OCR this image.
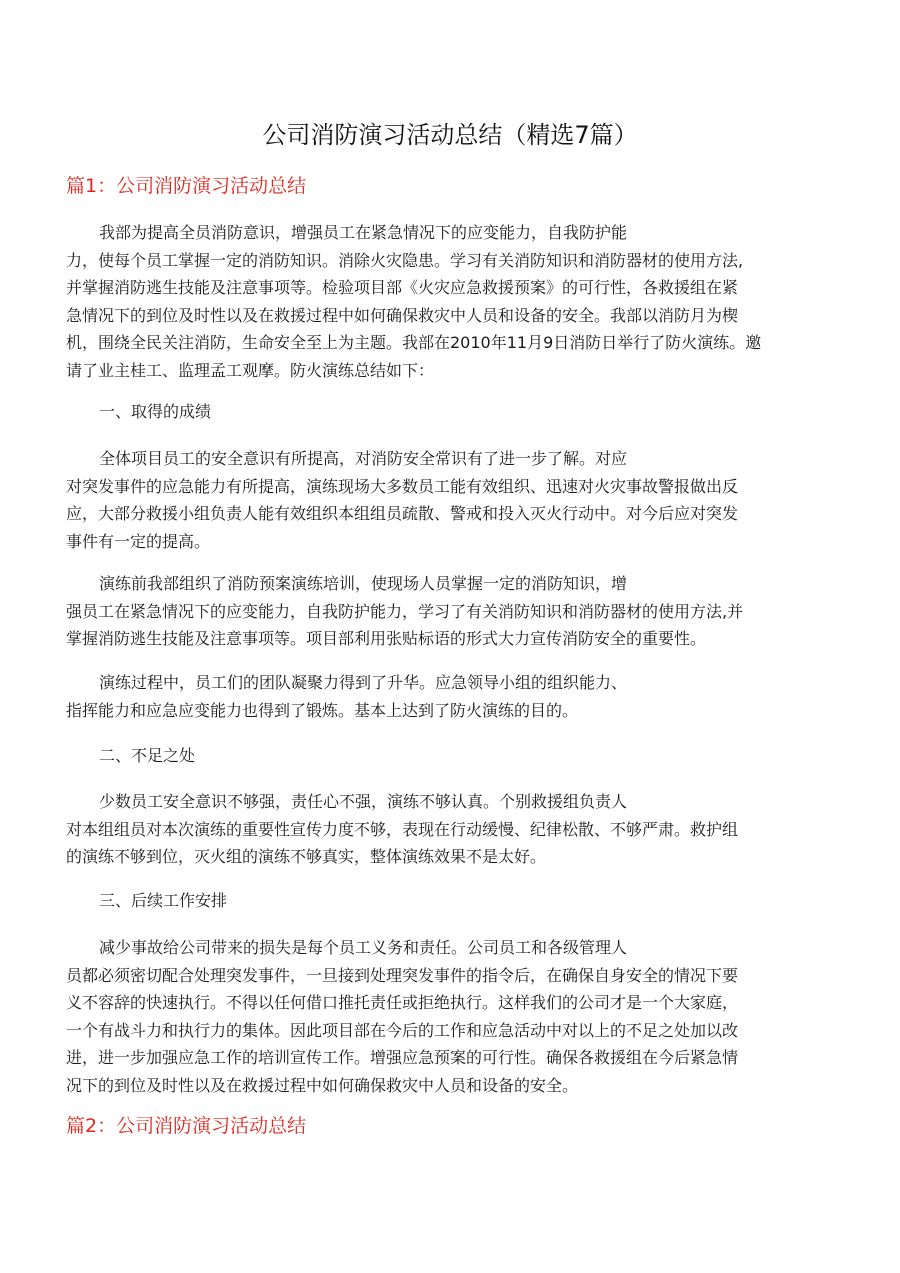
公司消防演习活动总结（精选7篇）
篇1：公司消防演习活动总结

我部为提高全员消防意识，增强员工在紧急情况下的应变能力，自我防护能
力，使每个员工掌握一定的消防知识。消除火灾隐患。学习有关消防知识和消防器材的使用方法,
并掌握消防逃生技能及注意事项等。检验项目部《火灾应急救援预案》的可行性，各救援组在紧
急情况下的到位及时性以及在救援过程中如何确保救灾中人员和设备的安全。我部以消防月为楔
机，围绕全民关注消防，生命安全至上为主题。我部在2010年11月9日消防日举行了防火演练。邀
请了业主桂工、监理孟工观摩。防火演练总结如下：

一、取得的成绩

全体项目员工的安全意识有所提高，对消防安全常识有了进一步了解。对应
对突发事件的应急能力有所提高，演练现场大多数员工能有效组织、迅速对火灾事故警报做出反
应，大部分救援小组负责人能有效组织本组组员疏散、警戒和投入灭火行动中。对今后应对突发
事件有一定的提高。

演练前我部组织了消防预案演练培训，使现场人员掌握一定的消防知识，增
强员工在紧急情况下的应变能力，自我防护能力，学习了有关消防知识和消防器材的使用方法,并
掌握消防逃生技能及注意事项等。项目部利用张贴标语的形式大力宣传消防安全的重要性。

演练过程中，员工们的团队凝聚力得到了升华。应急领导小组的组织能力、
指挥能力和应急应变能力也得到了锻炼。基本上达到了防火演练的目的。

二、不足之处

少数员工安全意识不够强，责任心不强，演练不够认真。个别救援组负责人
对本组组员对本次演练的重要性宣传力度不够，表现在行动缓慢、纪律松散、不够严肃。救护组
的演练不够到位，灭火组的演练不够真实，整体演练效果不是太好。

三、后续工作安排

减少事故给公司带来的损失是每个员工义务和责任。公司员工和各级管理人
员都必须密切配合处理突发事件，一旦接到处理突发事件的指令后，在确保自身安全的情况下要
义不容辞的快速执行。不得以任何借口推托责任或拒绝执行。这样我们的公司才是一个大家庭，
一个有战斗力和执行力的集体。因此项目部在今后的工作和应急活动中对以上的不足之处加以改
进，进一步加强应急工作的培训宣传工作。增强应急预案的可行性。确保各救援组在今后紧急情
况下的到位及时性以及在救援过程中如何确保救灾中人员和设备的安全。

篇2：公司消防演习活动总结
